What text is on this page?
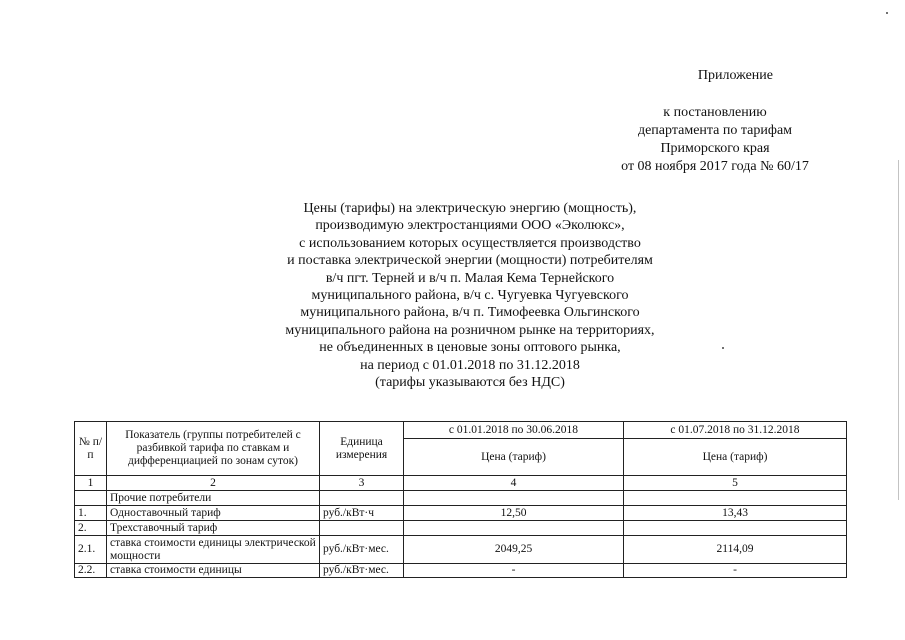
Приложение
к постановлению
департамента по тарифам
Приморского края
от 08 ноября 2017 года № 60/17
Цены (тарифы) на электрическую энергию (мощность),
производимую электростанциями ООО «Эколюкс»,
с использованием которых осуществляется производство
и поставка электрической энергии (мощности) потребителям
в/ч пгт. Терней и в/ч п. Малая Кема Тернейского
муниципального района, в/ч с. Чугуевка Чугуевского
муниципального района, в/ч п. Тимофеевка Ольгинского
муниципального района на розничном рынке на территориях,
не объединенных в ценовые зоны оптового рынка,
на период с 01.01.2018 по 31.12.2018
(тарифы указываются без НДС)
№ п/п	Показатель (группы потребителей с разбивкой тарифа по ставкам и дифференциацией по зонам суток)	Единица измерения	с 01.01.2018 по 30.06.2018	с 01.07.2018 по 31.12.2018
			Цена (тариф)	Цена (тариф)
1	2	3	4	5
	Прочие потребители			
1.	Одноставочный тариф	руб./кВт·ч	12,50	13,43
2.	Трехставочный тариф			
2.1.	ставка стоимости единицы электрической мощности	руб./кВт·мес.	2049,25	2114,09
2.2.	ставка стоимости единицы	руб./кВт·мес.	-	-
